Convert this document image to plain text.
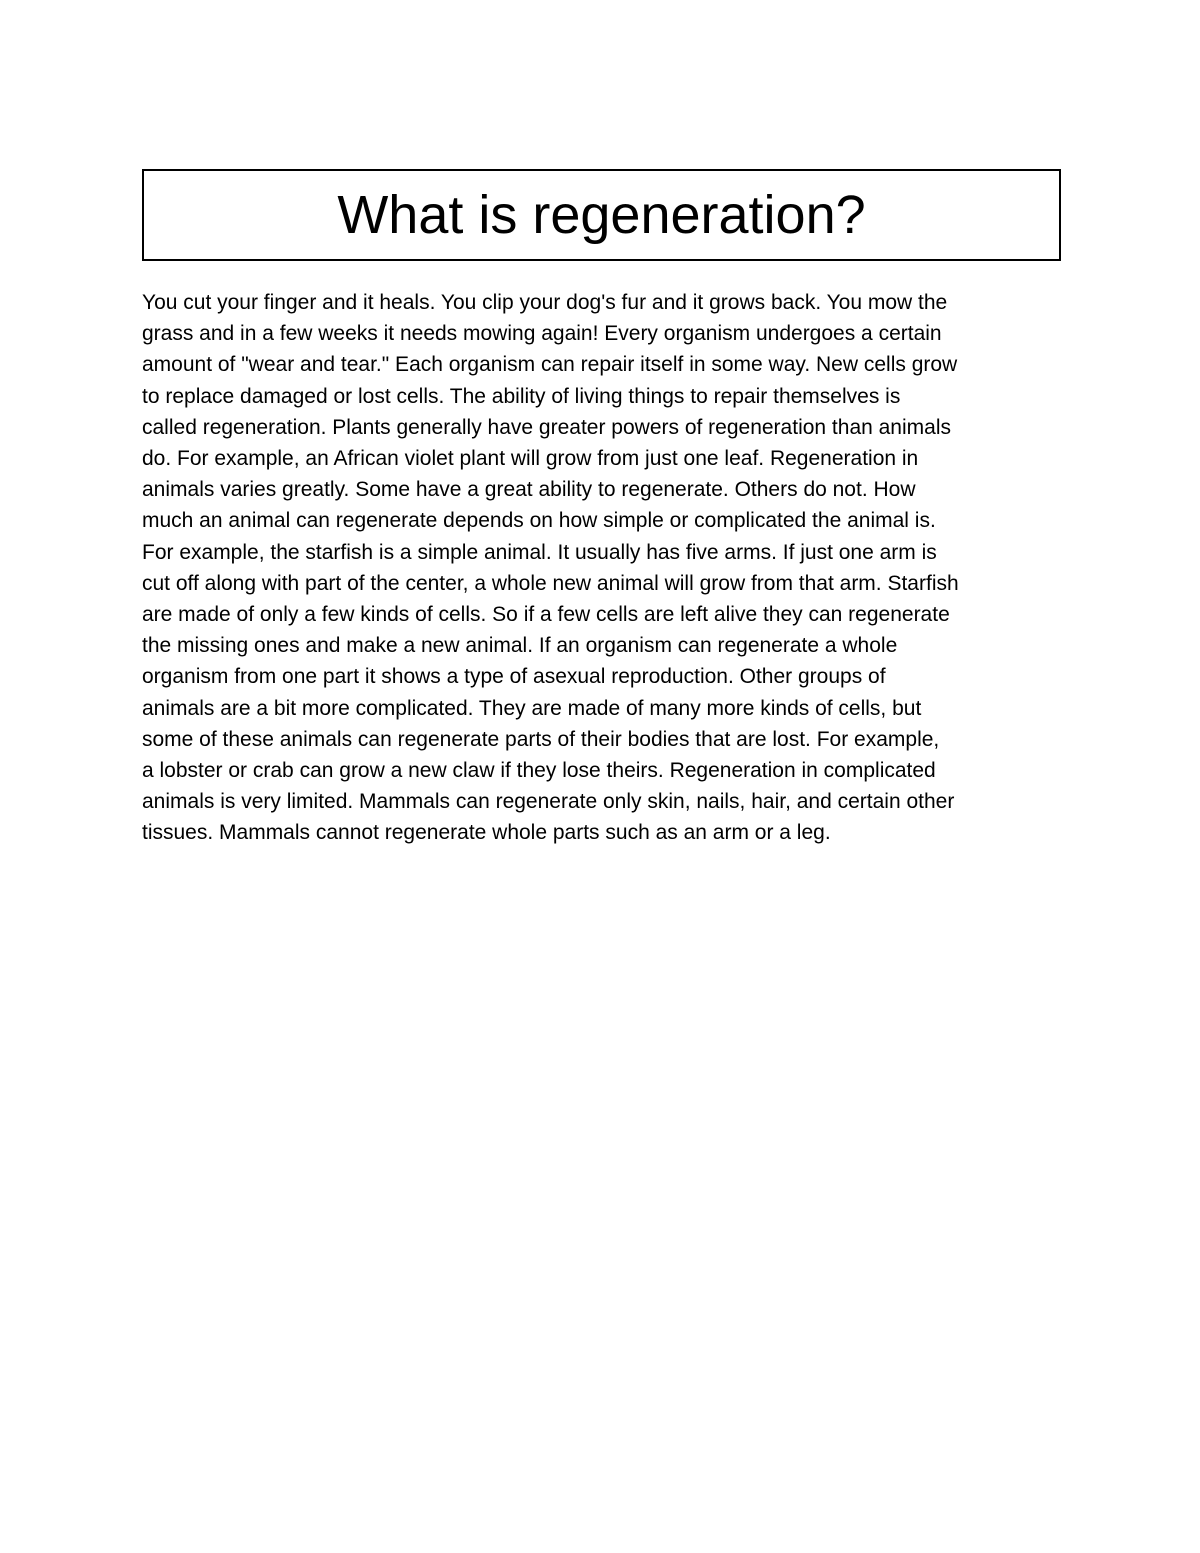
What is regeneration?

You cut your finger and it heals. You clip your dog's fur and it grows back. You mow the
grass and in a few weeks it needs mowing again! Every organism undergoes a certain
amount of "wear and tear." Each organism can repair itself in some way. New cells grow
to replace damaged or lost cells. The ability of living things to repair themselves is
called regeneration. Plants generally have greater powers of regeneration than animals
do. For example, an African violet plant will grow from just one leaf. Regeneration in
animals varies greatly. Some have a great ability to regenerate. Others do not. How
much an animal can regenerate depends on how simple or complicated the animal is.
For example, the starfish is a simple animal. It usually has five arms. If just one arm is
cut off along with part of the center, a whole new animal will grow from that arm. Starfish
are made of only a few kinds of cells. So if a few cells are left alive they can regenerate
the missing ones and make a new animal. If an organism can regenerate a whole
organism from one part it shows a type of asexual reproduction. Other groups of
animals are a bit more complicated. They are made of many more kinds of cells, but
some of these animals can regenerate parts of their bodies that are lost. For example,
a lobster or crab can grow a new claw if they lose theirs. Regeneration in complicated
animals is very limited. Mammals can regenerate only skin, nails, hair, and certain other
tissues. Mammals cannot regenerate whole parts such as an arm or a leg.
